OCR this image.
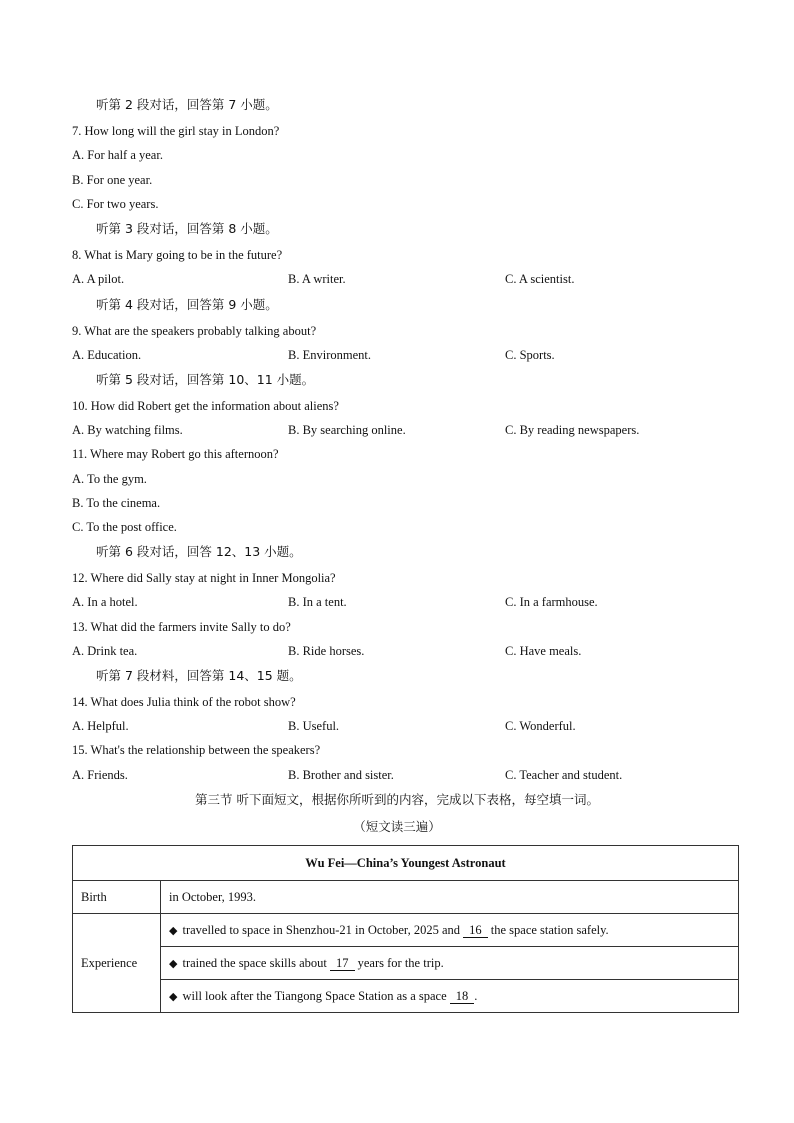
听第 2 段对话，回答第 7 小题。
7. How long will the girl stay in London?
A. For half a year.
B. For one year.
C. For two years.
听第 3 段对话，回答第 8 小题。
8. What is Mary going to be in the future?
A. A pilot.	B. A writer.	C. A scientist.
听第 4 段对话，回答第 9 小题。
9. What are the speakers probably talking about?
A. Education.	B. Environment.	C. Sports.
听第 5 段对话，回答第 10、11 小题。
10. How did Robert get the information about aliens?
A. By watching films.	B. By searching online.	C. By reading newspapers.
11. Where may Robert go this afternoon?
A. To the gym.
B. To the cinema.
C. To the post office.
听第 6 段对话，回答 12、13 小题。
12. Where did Sally stay at night in Inner Mongolia?
A. In a hotel.	B. In a tent.	C. In a farmhouse.
13. What did the farmers invite Sally to do?
A. Drink tea.	B. Ride horses.	C. Have meals.
听第 7 段材料，回答第 14、15 题。
14. What does Julia think of the robot show?
A. Helpful.	B. Useful.	C. Wonderful.
15. What's the relationship between the speakers?
A. Friends.	B. Brother and sister.	C. Teacher and student.
第三节 听下面短文，根据你所听到的内容，完成以下表格，每空填一词。
（短文读三遍）
Wu Fei—China’s Youngest Astronaut	
Birth	in October, 1993.
Experience	◆ travelled to space in Shenzhou-21 in October, 2025 and 16 the space station safely.
	◆ trained the space skills about 17 years for the trip.
	◆ will look after the Tiangong Space Station as a space 18 .
